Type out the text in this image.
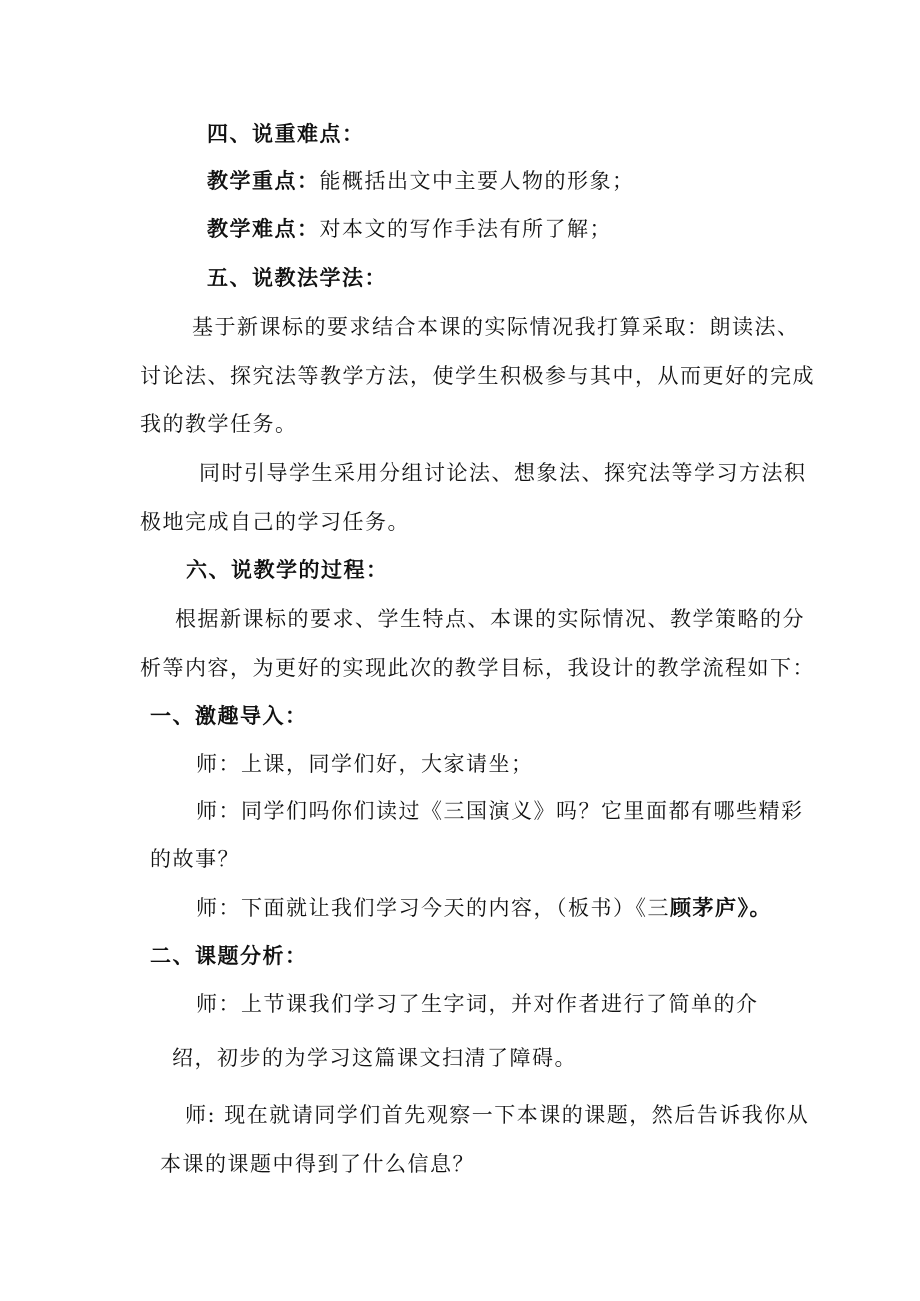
四、说重难点：
教学重点：能概括出文中主要人物的形象；
教学难点：对本文的写作手法有所了解；
五、说教法学法：
基于新课标的要求结合本课的实际情况我打算采取：朗读法、
讨论法、探究法等教学方法，使学生积极参与其中，从而更好的完成
我的教学任务。
同时引导学生采用分组讨论法、想象法、探究法等学习方法积
极地完成自己的学习任务。
六、说教学的过程：
根据新课标的要求、学生特点、本课的实际情况、教学策略的分
析等内容，为更好的实现此次的教学目标，我设计的教学流程如下：
一、激趣导入：
师：上课，同学们好，大家请坐；
师：同学们吗你们读过《三国演义》吗？它里面都有哪些精彩
的故事？
师：下面就让我们学习今天的内容，（板书）《三顾茅庐》。
二、课题分析：
师：上节课我们学习了生字词，并对作者进行了简单的介
绍，初步的为学习这篇课文扫清了障碍。
师: 现在就请同学们首先观察一下本课的课题，然后告诉我你从
本课的课题中得到了什么信息？
